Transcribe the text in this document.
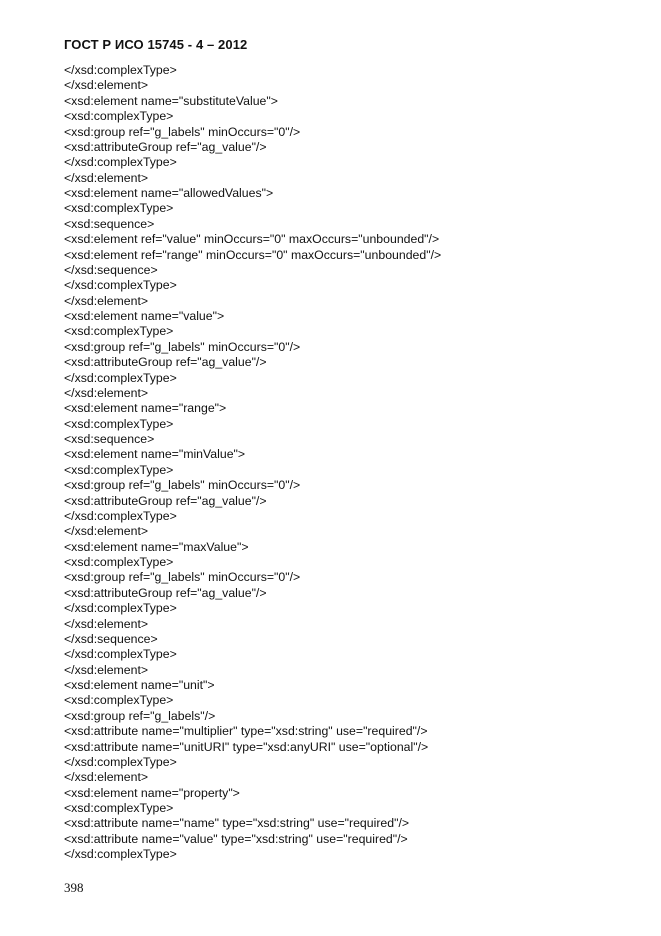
ГОСТ Р ИСО 15745 - 4 – 2012
</xsd:complexType>
</xsd:element>
<xsd:element name="substituteValue">
<xsd:complexType>
<xsd:group ref="g_labels" minOccurs="0"/>
<xsd:attributeGroup ref="ag_value"/>
</xsd:complexType>
</xsd:element>
<xsd:element name="allowedValues">
<xsd:complexType>
<xsd:sequence>
<xsd:element ref="value" minOccurs="0" maxOccurs="unbounded"/>
<xsd:element ref="range" minOccurs="0" maxOccurs="unbounded"/>
</xsd:sequence>
</xsd:complexType>
</xsd:element>
<xsd:element name="value">
<xsd:complexType>
<xsd:group ref="g_labels" minOccurs="0"/>
<xsd:attributeGroup ref="ag_value"/>
</xsd:complexType>
</xsd:element>
<xsd:element name="range">
<xsd:complexType>
<xsd:sequence>
<xsd:element name="minValue">
<xsd:complexType>
<xsd:group ref="g_labels" minOccurs="0"/>
<xsd:attributeGroup ref="ag_value"/>
</xsd:complexType>
</xsd:element>
<xsd:element name="maxValue">
<xsd:complexType>
<xsd:group ref="g_labels" minOccurs="0"/>
<xsd:attributeGroup ref="ag_value"/>
</xsd:complexType>
</xsd:element>
</xsd:sequence>
</xsd:complexType>
</xsd:element>
<xsd:element name="unit">
<xsd:complexType>
<xsd:group ref="g_labels"/>
<xsd:attribute name="multiplier" type="xsd:string" use="required"/>
<xsd:attribute name="unitURI" type="xsd:anyURI" use="optional"/>
</xsd:complexType>
</xsd:element>
<xsd:element name="property">
<xsd:complexType>
<xsd:attribute name="name" type="xsd:string" use="required"/>
<xsd:attribute name="value" type="xsd:string" use="required"/>
</xsd:complexType>
398
